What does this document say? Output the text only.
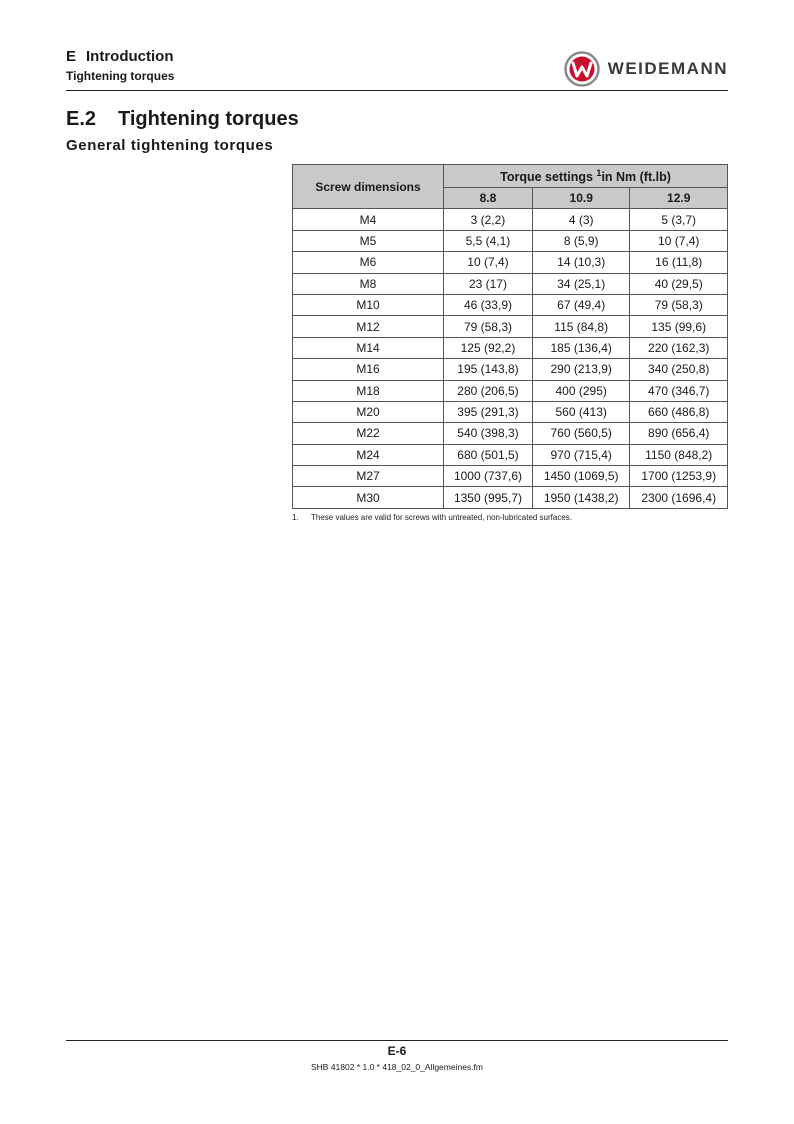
E Introduction
Tightening torques	WEIDEMANN
E.2 Tightening torques
General tightening torques
Screw dimensions	Torque settings $^1$in Nm (ft.lb)		
	8.8	10.9	12.9
M4	3 (2,2)	4 (3)	5 (3,7)
M5	5,5 (4,1)	8 (5,9)	10 (7,4)
M6	10 (7,4)	14 (10,3)	16 (11,8)
M8	23 (17)	34 (25,1)	40 (29,5)
M10	46 (33,9)	67 (49,4)	79 (58,3)
M12	79 (58,3)	115 (84,8)	135 (99,6)
M14	125 (92,2)	185 (136,4)	220 (162,3)
M16	195 (143,8)	290 (213,9)	340 (250,8)
M18	280 (206,5)	400 (295)	470 (346,7)
M20	395 (291,3)	560 (413)	660 (486,8)
M22	540 (398,3)	760 (560,5)	890 (656,4)
M24	680 (501,5)	970 (715,4)	1150 (848,2)
M27	1000 (737,6)	1450 (1069,5)	1700 (1253,9)
M30	1350 (995,7)	1950 (1438,2)	2300 (1696,4)
1. These values are valid for screws with untreated, non-lubricated surfaces.
E-6
SHB 41802 * 1.0 * 418_02_0_Allgemeines.fm
